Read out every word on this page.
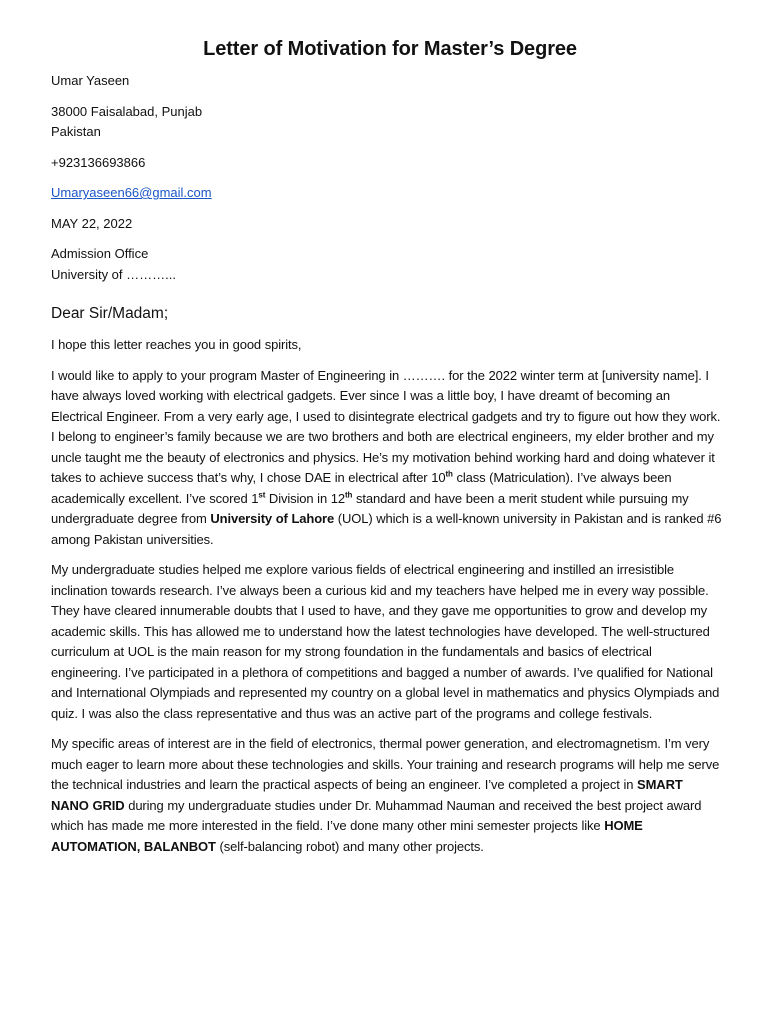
Letter of Motivation for Master’s Degree

Umar Yaseen

38000 Faisalabad, Punjab

Pakistan

+923136693866

Umaryaseen66@gmail.com

MAY 22, 2022

Admission Office

University of ………...

Dear Sir/Madam;

I hope this letter reaches you in good spirits,

I would like to apply to your program Master of Engineering in ………. for the 2022 winter term at [university name]. I have always loved working with electrical gadgets. Ever since I was a little boy, I have dreamt of becoming an Electrical Engineer. From a very early age, I used to disintegrate electrical gadgets and try to figure out how they work. I belong to engineer’s family because we are two brothers and both are electrical engineers, my elder brother and my uncle taught me the beauty of electronics and physics. He’s my motivation behind working hard and doing whatever it takes to achieve success that’s why, I chose DAE in electrical after 10th class (Matriculation). I’ve always been academically excellent. I’ve scored 1st Division in 12th standard and have been a merit student while pursuing my undergraduate degree from University of Lahore (UOL) which is a well-known university in Pakistan and is ranked #6 among Pakistan universities.

My undergraduate studies helped me explore various fields of electrical engineering and instilled an irresistible inclination towards research. I’ve always been a curious kid and my teachers have helped me in every way possible. They have cleared innumerable doubts that I used to have, and they gave me opportunities to grow and develop my academic skills. This has allowed me to understand how the latest technologies have developed. The well-structured curriculum at UOL is the main reason for my strong foundation in the fundamentals and basics of electrical engineering. I’ve participated in a plethora of competitions and bagged a number of awards. I’ve qualified for National and International Olympiads and represented my country on a global level in mathematics and physics Olympiads and quiz. I was also the class representative and thus was an active part of the programs and college festivals.

My specific areas of interest are in the field of electronics, thermal power generation, and electromagnetism. I’m very much eager to learn more about these technologies and skills. Your training and research programs will help me serve the technical industries and learn the practical aspects of being an engineer. I’ve completed a project in SMART NANO GRID during my undergraduate studies under Dr. Muhammad Nauman and received the best project award which has made me more interested in the field. I’ve done many other mini semester projects like HOME AUTOMATION, BALANBOT (self-balancing robot) and many other projects.
